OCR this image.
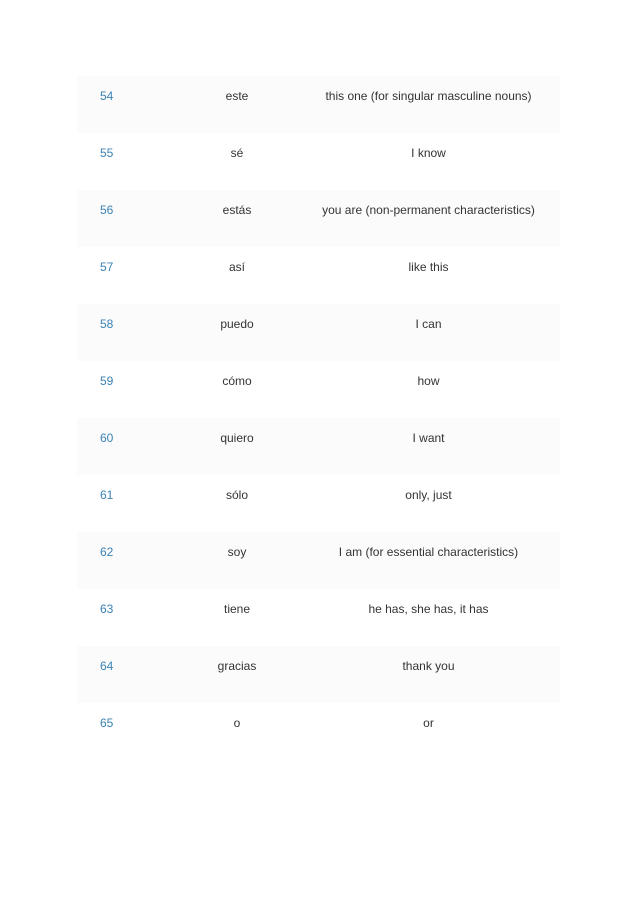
54	este	this one (for singular masculine nouns)
55	sé	I know
56	estás	you are (non-permanent characteristics)
57	así	like this
58	puedo	I can
59	cómo	how
60	quiero	I want
61	sólo	only, just
62	soy	I am (for essential characteristics)
63	tiene	he has, she has, it has
64	gracias	thank you
65	o	or
